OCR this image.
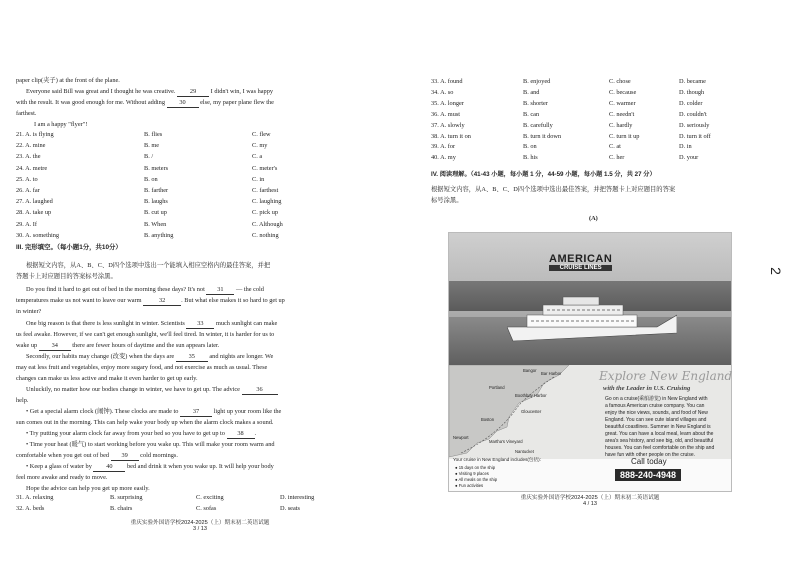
paper clip(夹子) at the front of the plane.
Everyone said Bill was great and I thought he was creative. 29 I didn't win, I was happy
with the result. It was good enough for me. Without adding 30 else, my paper plane flew the
farthest.
I am a happy "flyer"!
21. A. is flying	B. flies	C. flew
22. A. mine	B. me	C. my
23. A. the	B. /	C. a
24. A. metre	B. meters	C. meter's
25. A. to	B. on	C. in
26. A. far	B. farther	C. farthest
27. A. laughed	B. laughs	C. laughing
28. A. take up	B. cut up	C. pick up
29. A. If	B. When	C. Although
30. A. something	B. anything	C. nothing
III. 完形填空。（每小题1分，共10分）
根据短文内容，从A、B、C、D四个选项中选出一个能填入相应空格内的最佳答案，并把
答题卡上对应题目的答案标号涂黑。
Do you find it hard to get out of bed in the morning these days? It's not 31 — the cold
temperatures make us not want to leave our warm	32	. But what else makes it so hard to get up
in winter?
One big reason is that there is less sunlight in winter. Scientists 33 much sunlight can make
us feel awake. However, if we can't get enough sunlight, we'll feel tired. In winter, it is harder for us to
wake up 34 there are fewer hours of daytime and the sun appears later.
Secondly, our habits may change (改变) when the days are 35 and nights are longer. We
may eat less fruit and vegetables, enjoy more sugary food, and not exercise as much as usual. These
changes can make us less active and make it even harder to get up early.
Unluckily, no matter how our bodies change in winter, we have to get up. The advice 36
help.
• Get a special alarm clock (闹钟). These clocks are made to 37 light up your room like the
sun comes out in the morning. This can help wake your body up when the alarm clock makes a sound.
• Try putting your alarm clock far away from your bed so you have to get up to 38 .
• Time your heat (暖气) to start working before you wake up. This will make your room warm and
comfortable when you get out of bed 39 cold mornings.
• Keep a glass of water by 40 bed and drink it when you wake up. It will help your body
feel more awake and ready to move.
Hope the advice can help you get up more easily.
31. A. relaxing	B. surprising	C. exciting	D. interesting
32. A. beds	B. chairs	C. sofas	D. seats
重庆实验外国语学校2024-2025（上）期末初二英语试题
3 / 13
33. A. found	B. enjoyed	C. chose	D. became
34. A. so	B. and	C. because	D. though
35. A. longer	B. shorter	C. warmer	D. colder
36. A. must	B. can	C. needn't	D. couldn't
37. A. slowly	B. carefully	C. hardly	D. seriously
38. A. turn it on	B. turn it down	C. turn it up	D. turn it off
39. A. for	B. on	C. at	D. in
40. A. my	B. his	C. her	D. your
IV. 阅读理解。（41-43 小题，每小题 1 分，44-59 小题，每小题 1.5 分，共 27 分）
根据短文内容，从A、B、C、D四个选项中选出最佳答案，并把答题卡上对应题目的答案
标号涂黑。
(A)
2
AMERICAN
CRUISE LINES
Bangor
Bar Harbor
Portland
Boothbay Harbor
Gloucester
Boston
Newport
Martha's Vineyard
Nantucket
Explore New England
with the Leader in U.S. Cruising
Go on a cruise(乘船游览) in New England with
a famous American cruise company. You can
enjoy the nice views, sounds, and food of New
England. You can see cute island villages and
beautiful coastlines. Summer in New England is
great. You can have a local meal, learn about the
area's sea history, and see big, old, and beautiful
houses. You can feel comfortable on the ship and
have fun with other people on the cruise.
Your cruise in New England includes(包括):
● 15 days on the ship
● Visiting 9 places
● All meals on the ship
● Fun activities
Call today
888-240-4948
重庆实验外国语学校2024-2025（上）期末初二英语试题
4 / 13
